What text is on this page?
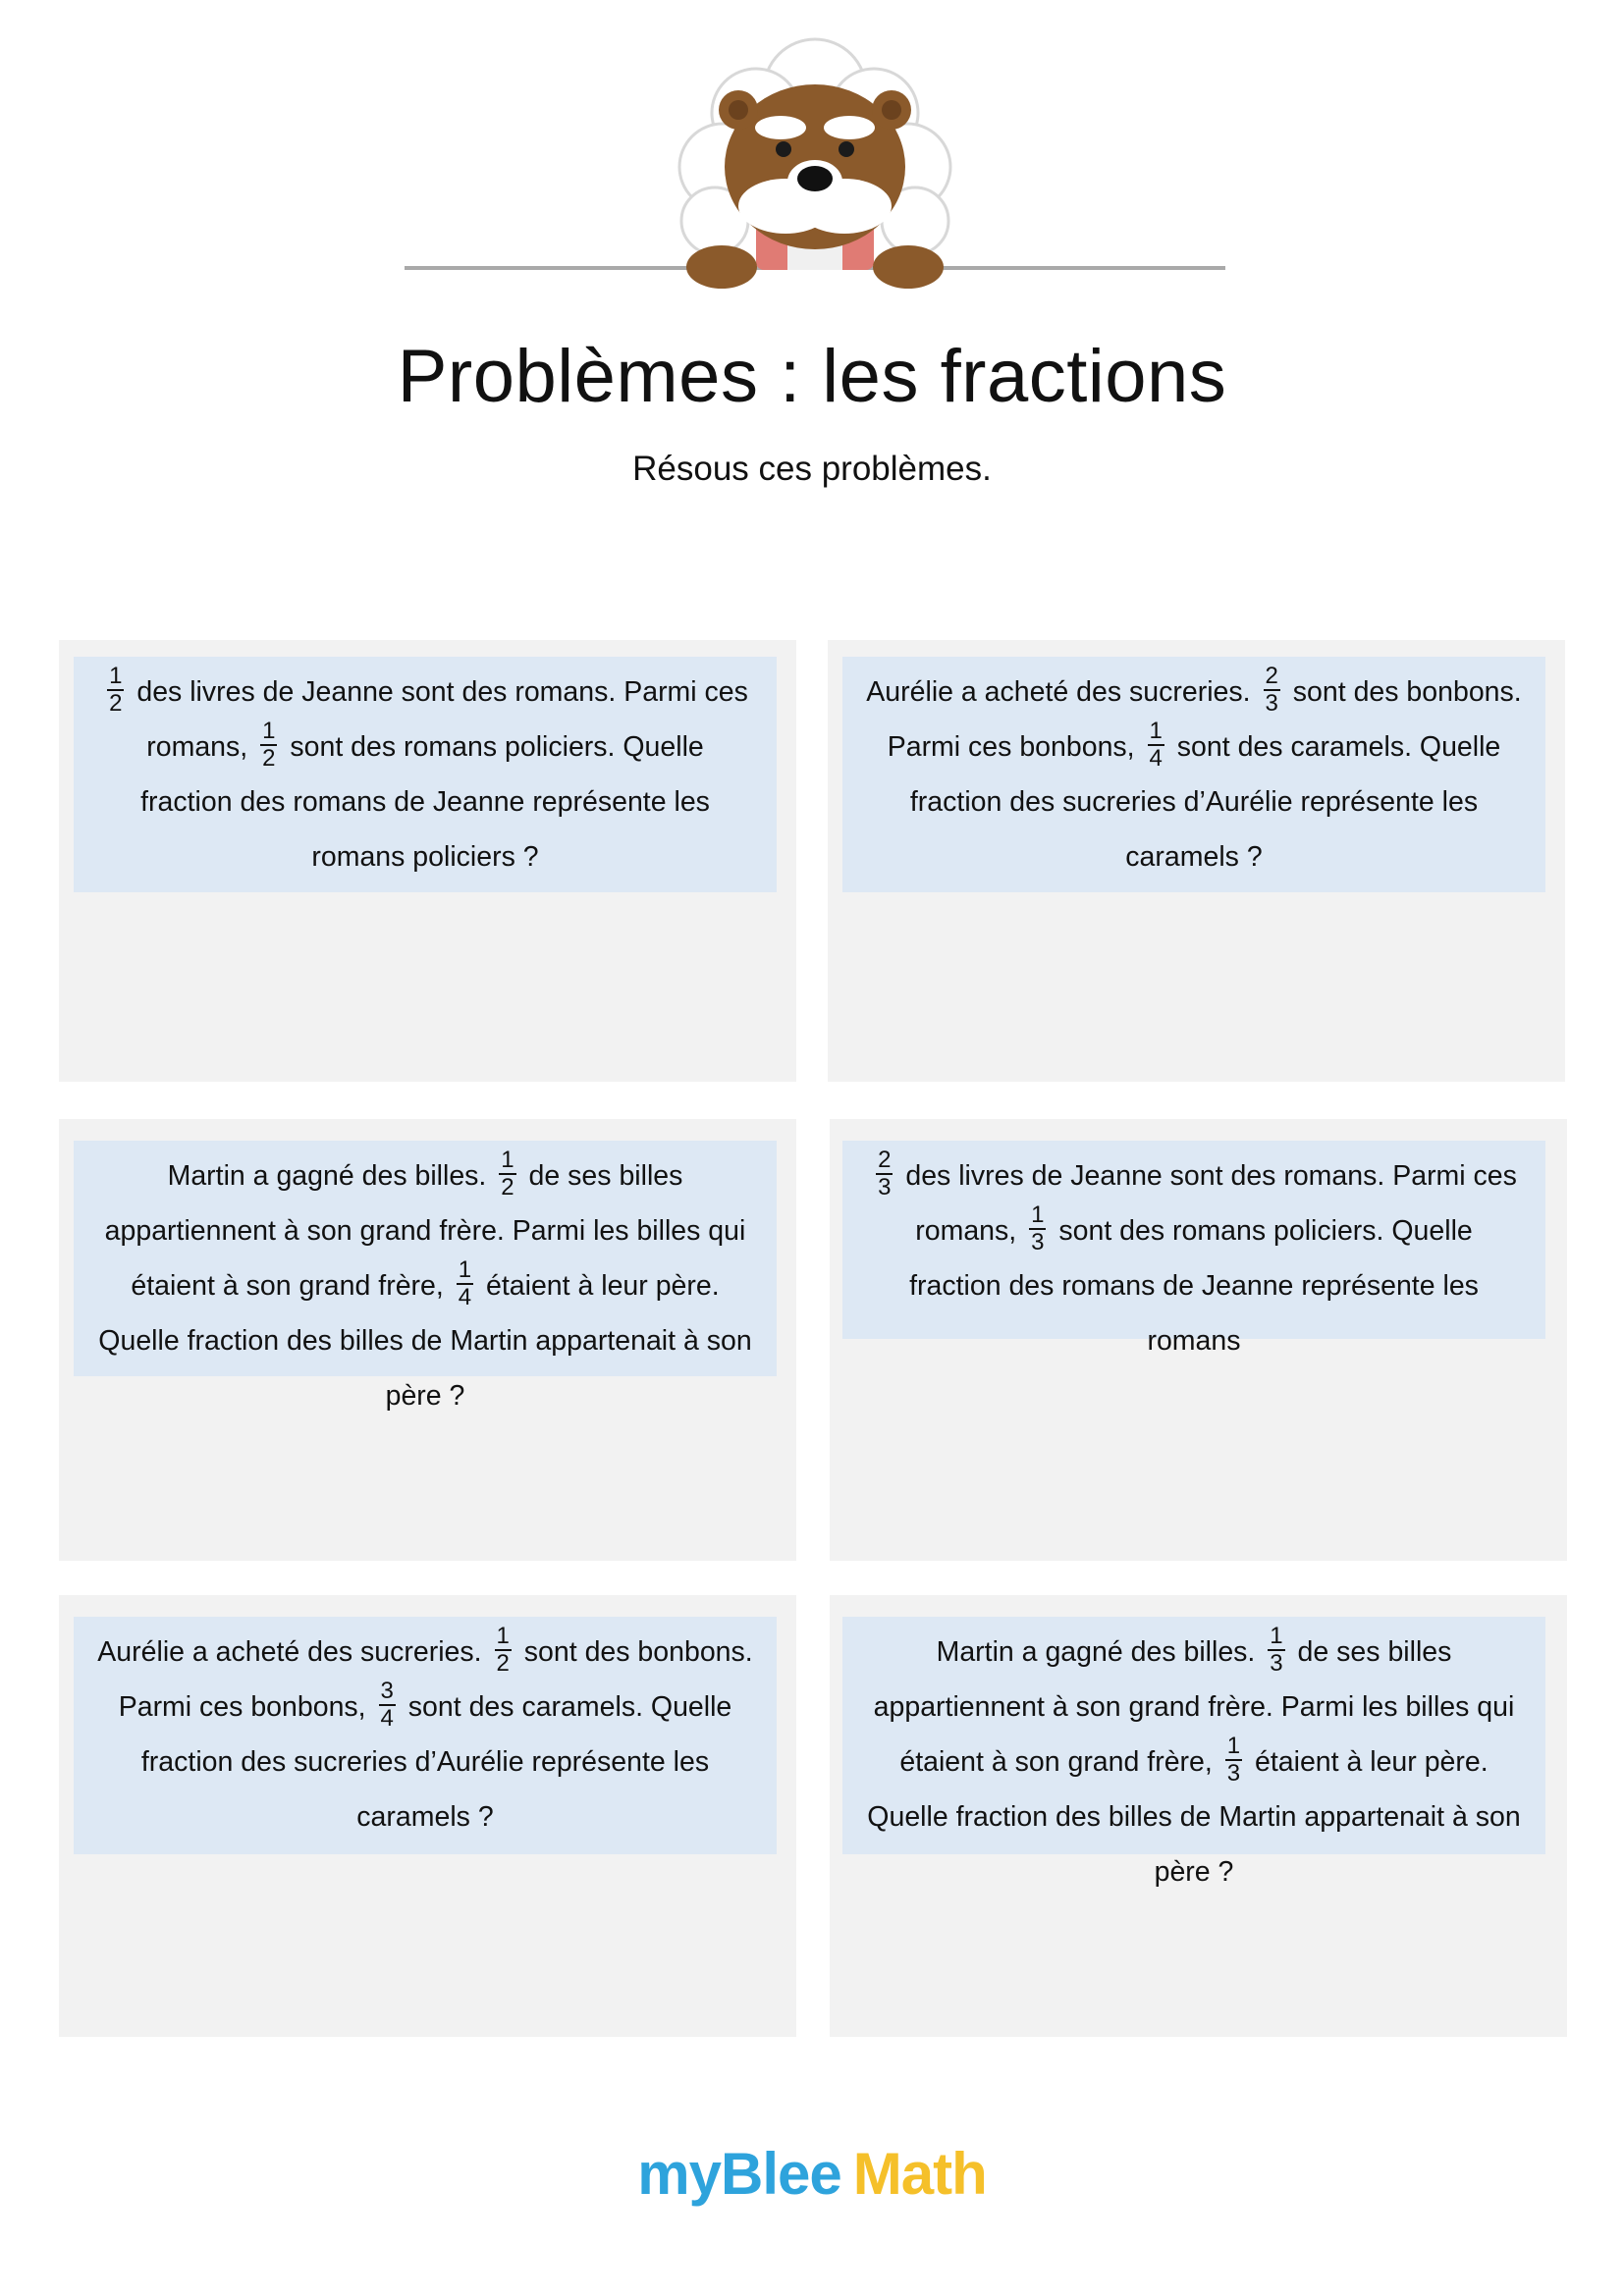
Problèmes : les fractions
Résous ces problèmes.
$\frac{1}{2}$ des livres de Jeanne sont des romans. Parmi ces romans, $\frac{1}{2}$ sont des romans policiers. Quelle fraction des romans de Jeanne représente les romans policiers ?
Aurélie a acheté des sucreries. $\frac{2}{3}$ sont des bonbons. Parmi ces bonbons, $\frac{1}{4}$ sont des caramels. Quelle fraction des sucreries d’Aurélie représente les caramels ?
Martin a gagné des billes. $\frac{1}{2}$ de ses billes appartiennent à son grand frère. Parmi les billes qui étaient à son grand frère, $\frac{1}{4}$ étaient à leur père. Quelle fraction des billes de Martin appartenait à son père ?
$\frac{2}{3}$ des livres de Jeanne sont des romans. Parmi ces romans, $\frac{1}{3}$ sont des romans policiers. Quelle fraction des romans de Jeanne représente les romans
Aurélie a acheté des sucreries. $\frac{1}{2}$ sont des bonbons. Parmi ces bonbons, $\frac{3}{4}$ sont des caramels. Quelle fraction des sucreries d’Aurélie représente les caramels ?
Martin a gagné des billes. $\frac{1}{3}$ de ses billes appartiennent à son grand frère. Parmi les billes qui étaient à son grand frère, $\frac{1}{3}$ étaient à leur père. Quelle fraction des billes de Martin appartenait à son père ?
myBlee Math
